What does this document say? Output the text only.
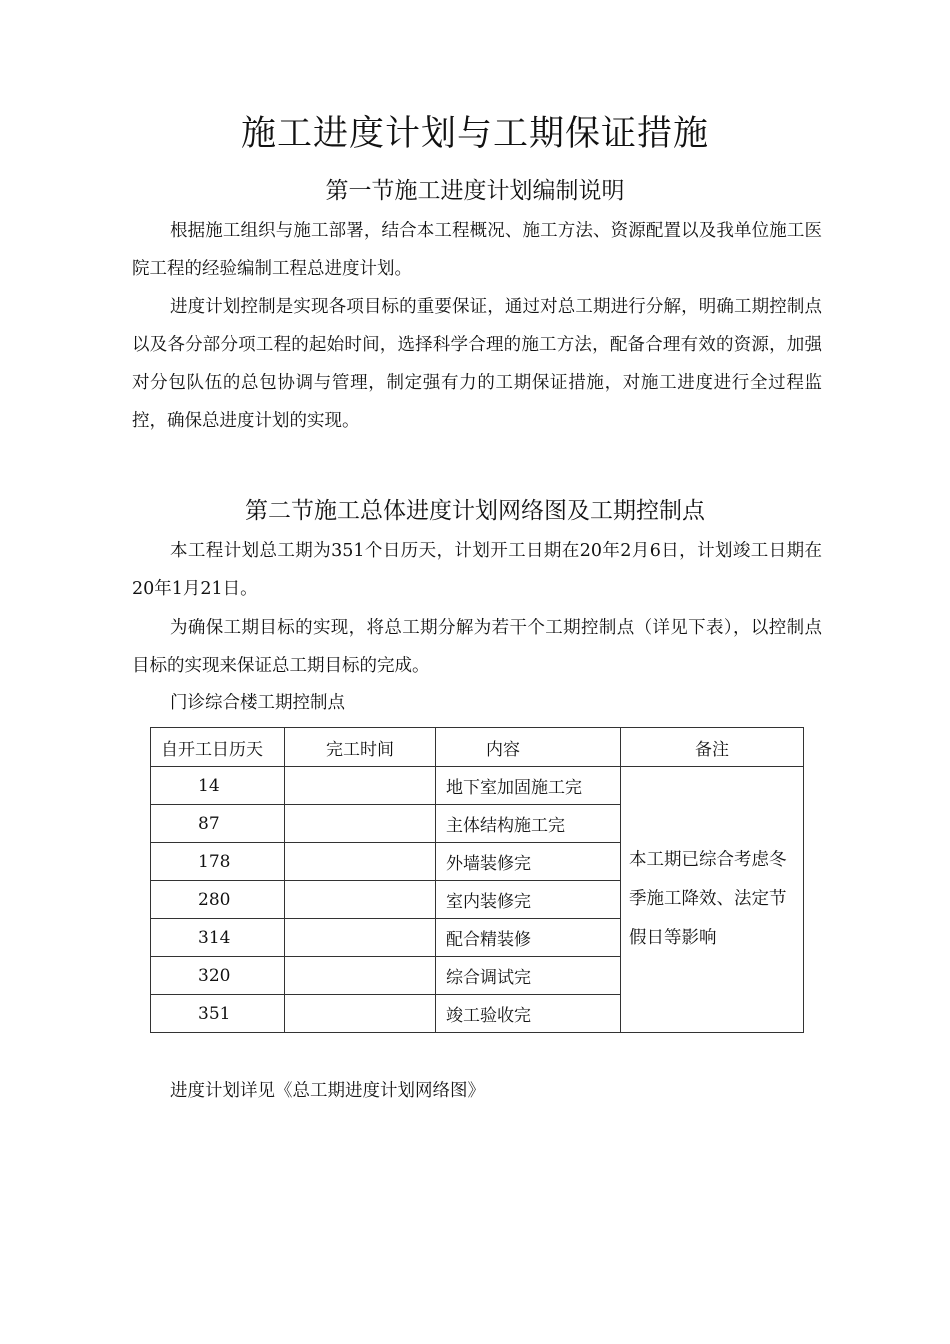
施工进度计划与工期保证措施
第一节施工进度计划编制说明

根据施工组织与施工部署，结合本工程概况、施工方法、资源配置以及我单位施工医院工程的经验编制工程总进度计划。

进度计划控制是实现各项目标的重要保证，通过对总工期进行分解，明确工期控制点以及各分部分项工程的起始时间，选择科学合理的施工方法，配备合理有效的资源，加强对分包队伍的总包协调与管理，制定强有力的工期保证措施，对施工进度进行全过程监控，确保总进度计划的实现。

第二节施工总体进度计划网络图及工期控制点

本工程计划总工期为351个日历天，计划开工日期在20年2月6日，计划竣工日期在20年1月21日。

为确保工期目标的实现，将总工期分解为若干个工期控制点（详见下表），以控制点目标的实现来保证总工期目标的完成。

门诊综合楼工期控制点

自开工日历天	完工时间	内容	备注
14		地下室加固施工完	本工期已综合考虑冬季施工降效、法定节假日等影响
87		主体结构施工完	
178		外墙装修完	
280		室内装修完	
314		配合精装修	
320		综合调试完	
351		竣工验收完	

进度计划详见《总工期进度计划网络图》
